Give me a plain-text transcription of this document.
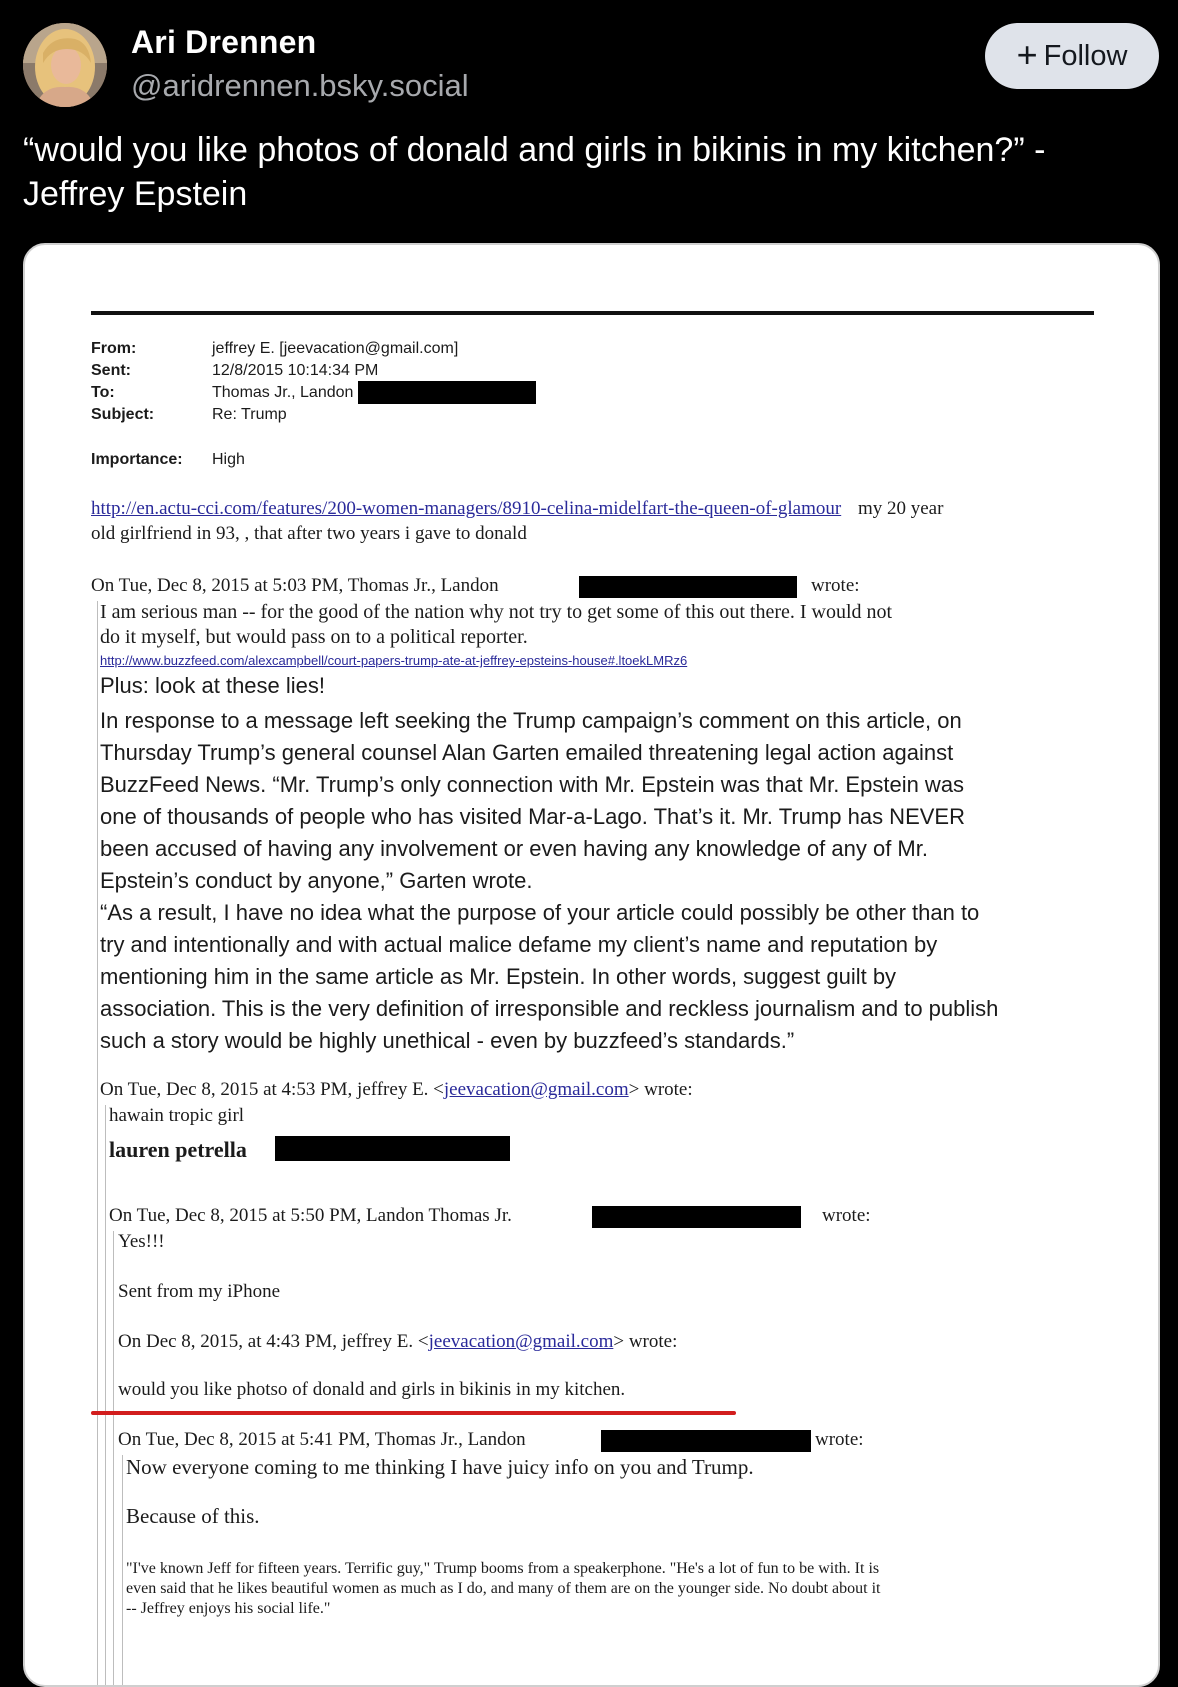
Ari Drennen
@aridrennen.bsky.social
+ Follow

“would you like photos of donald and girls in bikinis in my kitchen?” -
Jeffrey Epstein

From:	jeffrey E. [jeevacation@gmail.com]
Sent:	12/8/2015 10:14:34 PM
To:	Thomas Jr., Landon
Subject:	Re: Trump
Importance: High
http://en.actu-cci.com/features/200-women-managers/8910-celina-midelfart-the-queen-of-glamour my 20 year
old girlfriend in 93, , that after two years i gave to donald
On Tue, Dec 8, 2015 at 5:03 PM, Thomas Jr., Landon	wrote:
I am serious man -- for the good of the nation why not try to get some of this out there. I would not
do it myself, but would pass on to a political reporter.
http://www.buzzfeed.com/alexcampbell/court-papers-trump-ate-at-jeffrey-epsteins-house#.ltoekLMRz6
Plus: look at these lies!
In response to a message left seeking the Trump campaign’s comment on this article, on
Thursday Trump’s general counsel Alan Garten emailed threatening legal action against
BuzzFeed News. “Mr. Trump’s only connection with Mr. Epstein was that Mr. Epstein was
one of thousands of people who has visited Mar-a-Lago. That’s it. Mr. Trump has NEVER
been accused of having any involvement or even having any knowledge of any of Mr.
Epstein’s conduct by anyone,” Garten wrote.
“As a result, I have no idea what the purpose of your article could possibly be other than to
try and intentionally and with actual malice defame my client’s name and reputation by
mentioning him in the same article as Mr. Epstein. In other words, suggest guilt by
association. This is the very definition of irresponsible and reckless journalism and to publish
such a story would be highly unethical - even by buzzfeed’s standards.”
On Tue, Dec 8, 2015 at 4:53 PM, jeffrey E. <jeevacation@gmail.com> wrote:
hawain tropic girl
lauren petrella
On Tue, Dec 8, 2015 at 5:50 PM, Landon Thomas Jr.	wrote:
Yes!!!
Sent from my iPhone
On Dec 8, 2015, at 4:43 PM, jeffrey E. <jeevacation@gmail.com> wrote:
would you like photso of donald and girls in bikinis in my kitchen.
On Tue, Dec 8, 2015 at 5:41 PM, Thomas Jr., Landon	wrote:
Now everyone coming to me thinking I have juicy info on you and Trump.
Because of this.
"I've known Jeff for fifteen years. Terrific guy," Trump booms from a speakerphone. "He's a lot of fun to be with. It is
even said that he likes beautiful women as much as I do, and many of them are on the younger side. No doubt about it
-- Jeffrey enjoys his social life."
